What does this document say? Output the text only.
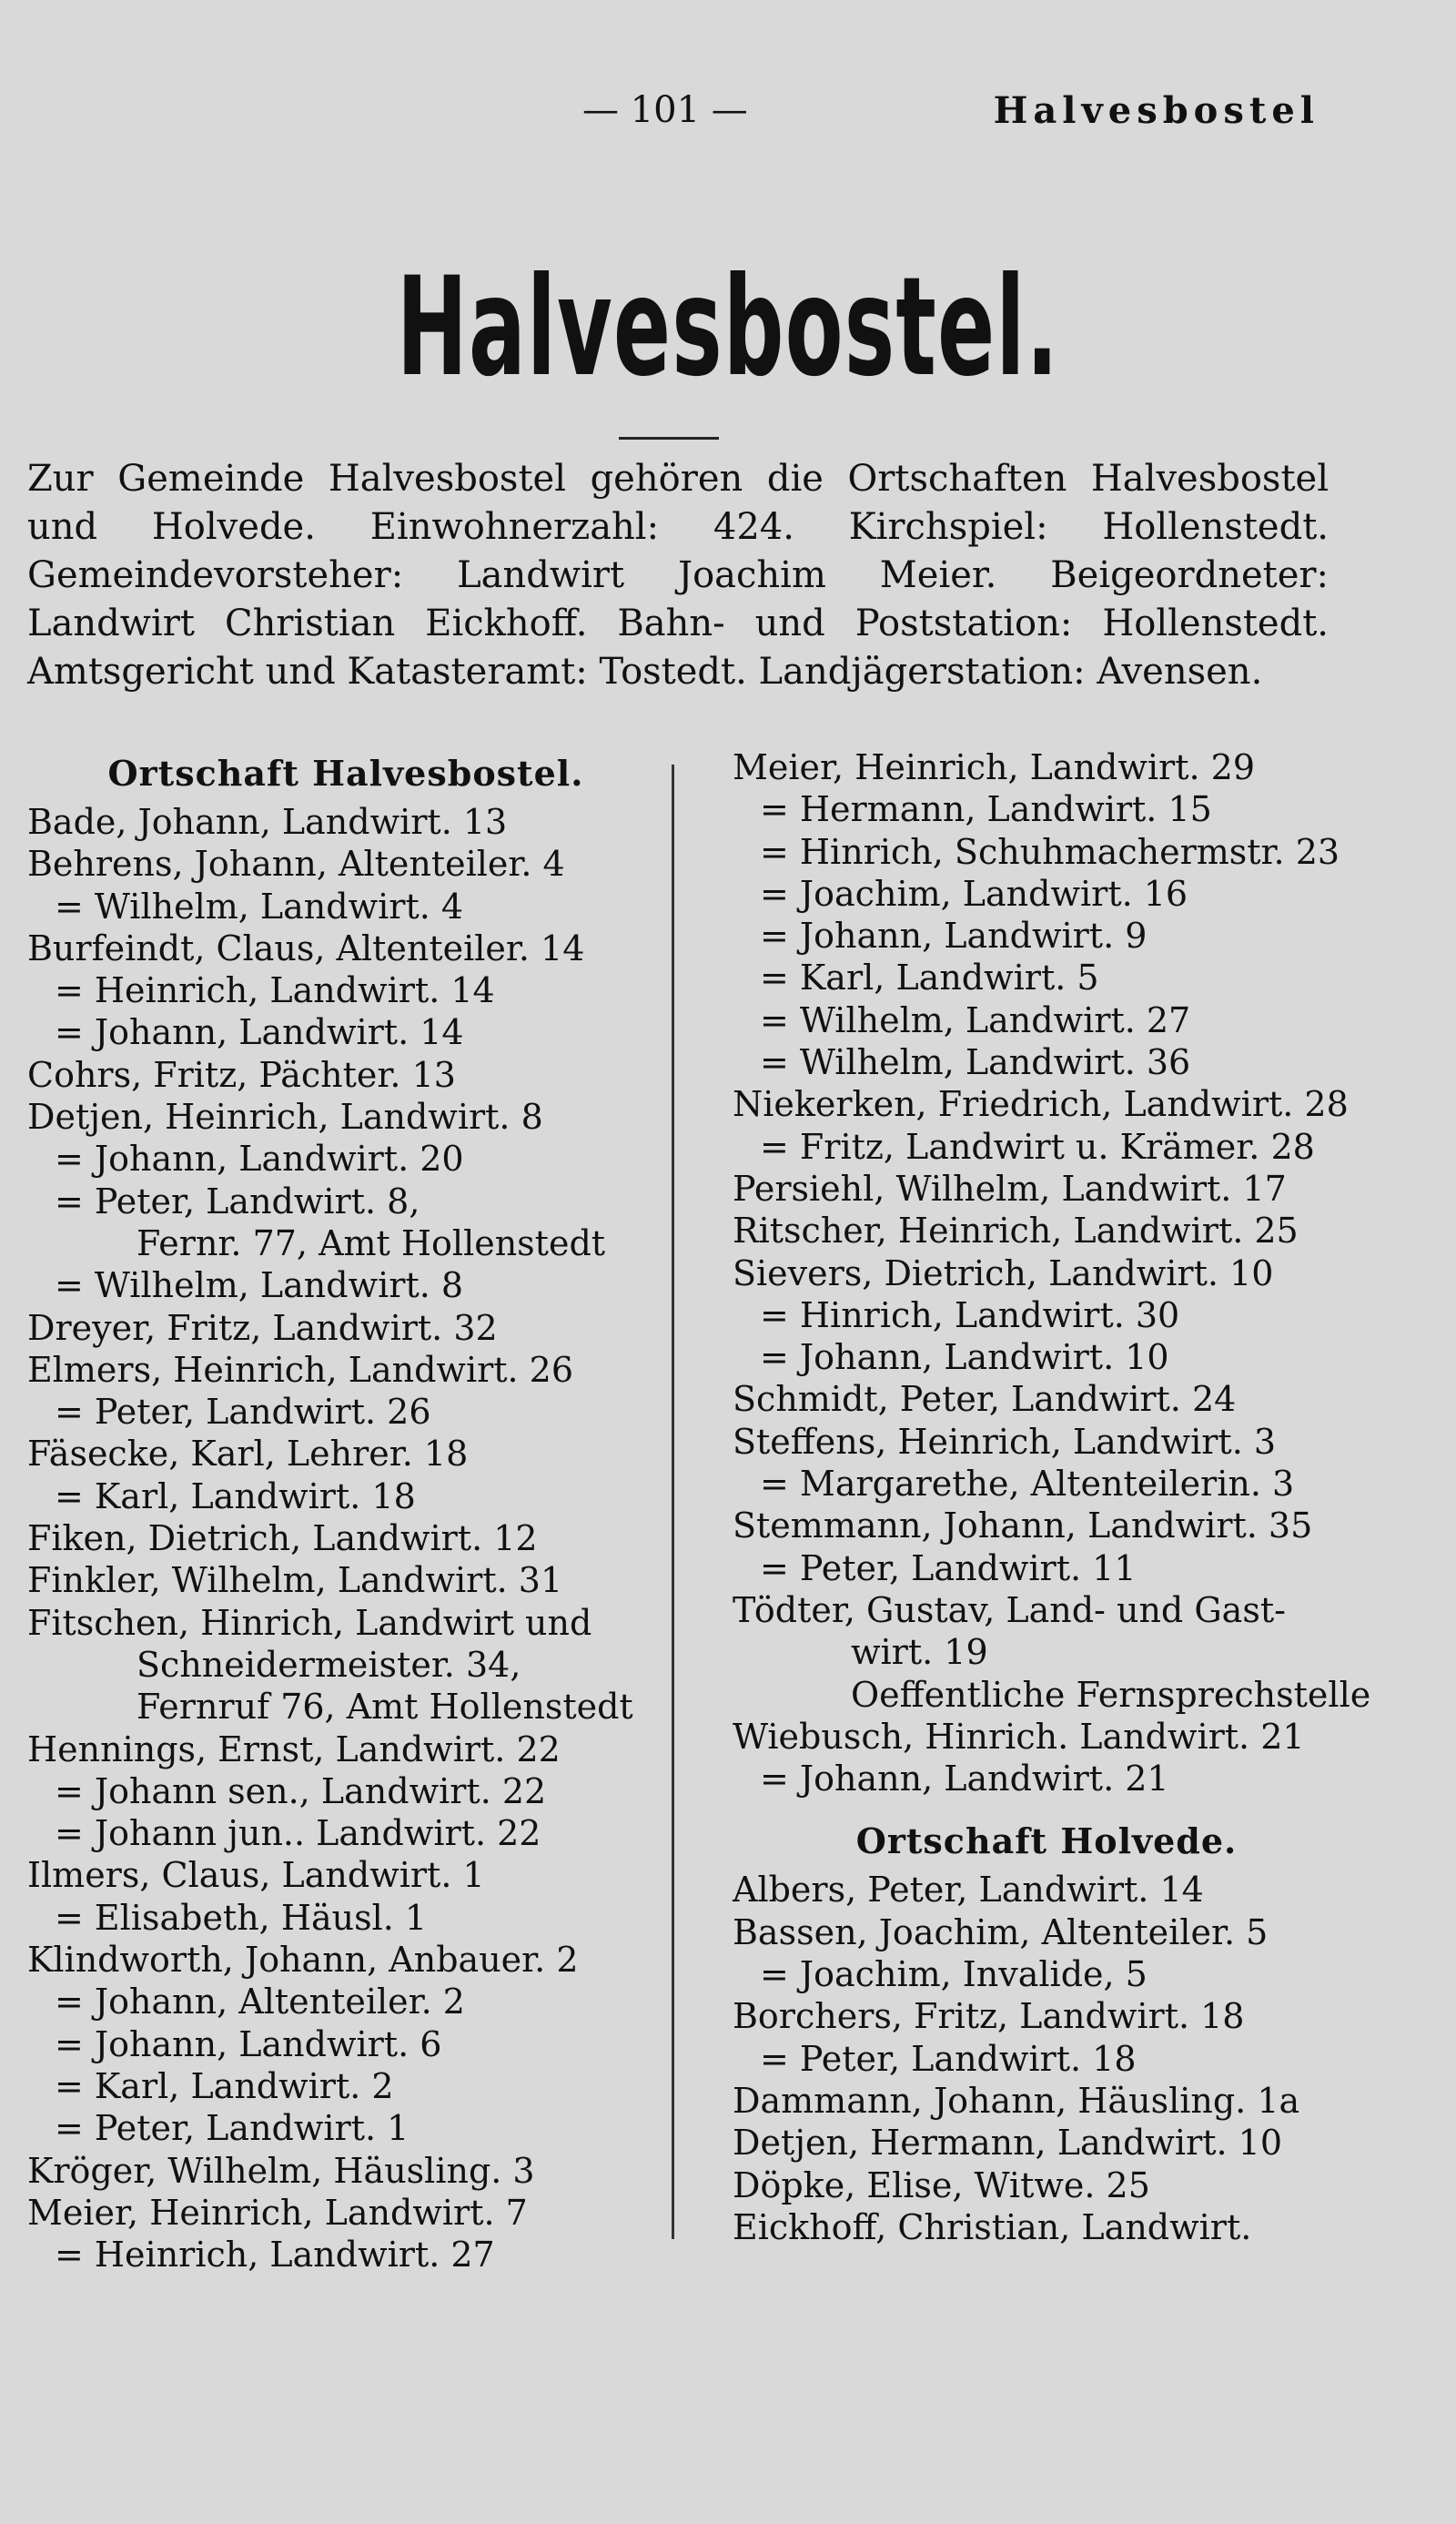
— 101 —	Halvesbostel
Halvesbostel.
Zur Gemeinde Halvesbostel gehören die Ortschaften Halvesbostel und Holvede. Einwohnerzahl: 424. Kirchspiel: Hollenstedt. Gemeindevorsteher: Landwirt Joachim Meier. Beigeordneter: Landwirt Christian Eickhoff. Bahn- und Poststation: Hollenstedt. Amtsgericht und Katasteramt: Tostedt. Landjägerstation: Avensen.
Ortschaft Halvesbostel.
Bade, Johann, Landwirt. 13
Behrens, Johann, Altenteiler. 4
= Wilhelm, Landwirt. 4
Burfeindt, Claus, Altenteiler. 14
= Heinrich, Landwirt. 14
= Johann, Landwirt. 14
Cohrs, Fritz, Pächter. 13
Detjen, Heinrich, Landwirt. 8
= Johann, Landwirt. 20
= Peter, Landwirt. 8,
Fernr. 77, Amt Hollenstedt
= Wilhelm, Landwirt. 8
Dreyer, Fritz, Landwirt. 32
Elmers, Heinrich, Landwirt. 26
= Peter, Landwirt. 26
Fäsecke, Karl, Lehrer. 18
= Karl, Landwirt. 18
Fiken, Dietrich, Landwirt. 12
Finkler, Wilhelm, Landwirt. 31
Fitschen, Hinrich, Landwirt und
Schneidermeister. 34,
Fernruf 76, Amt Hollenstedt
Hennings, Ernst, Landwirt. 22
= Johann sen., Landwirt. 22
= Johann jun.. Landwirt. 22
Ilmers, Claus, Landwirt. 1
= Elisabeth, Häusl. 1
Klindworth, Johann, Anbauer. 2
= Johann, Altenteiler. 2
= Johann, Landwirt. 6
= Karl, Landwirt. 2
= Peter, Landwirt. 1
Kröger, Wilhelm, Häusling. 3
Meier, Heinrich, Landwirt. 7
= Heinrich, Landwirt. 27
Meier, Heinrich, Landwirt. 29
= Hermann, Landwirt. 15
= Hinrich, Schuhmachermstr. 23
= Joachim, Landwirt. 16
= Johann, Landwirt. 9
= Karl, Landwirt. 5
= Wilhelm, Landwirt. 27
= Wilhelm, Landwirt. 36
Niekerken, Friedrich, Landwirt. 28
= Fritz, Landwirt u. Krämer. 28
Persiehl, Wilhelm, Landwirt. 17
Ritscher, Heinrich, Landwirt. 25
Sievers, Dietrich, Landwirt. 10
= Hinrich, Landwirt. 30
= Johann, Landwirt. 10
Schmidt, Peter, Landwirt. 24
Steffens, Heinrich, Landwirt. 3
= Margarethe, Altenteilerin. 3
Stemmann, Johann, Landwirt. 35
= Peter, Landwirt. 11
Tödter, Gustav, Land- und Gast-
wirt. 19
Oeffentliche Fernsprechstelle
Wiebusch, Hinrich. Landwirt. 21
= Johann, Landwirt. 21
Ortschaft Holvede.
Albers, Peter, Landwirt. 14
Bassen, Joachim, Altenteiler. 5
= Joachim, Invalide, 5
Borchers, Fritz, Landwirt. 18
= Peter, Landwirt. 18
Dammann, Johann, Häusling. 1a
Detjen, Hermann, Landwirt. 10
Döpke, Elise, Witwe. 25
Eickhoff, Christian, Landwirt.
